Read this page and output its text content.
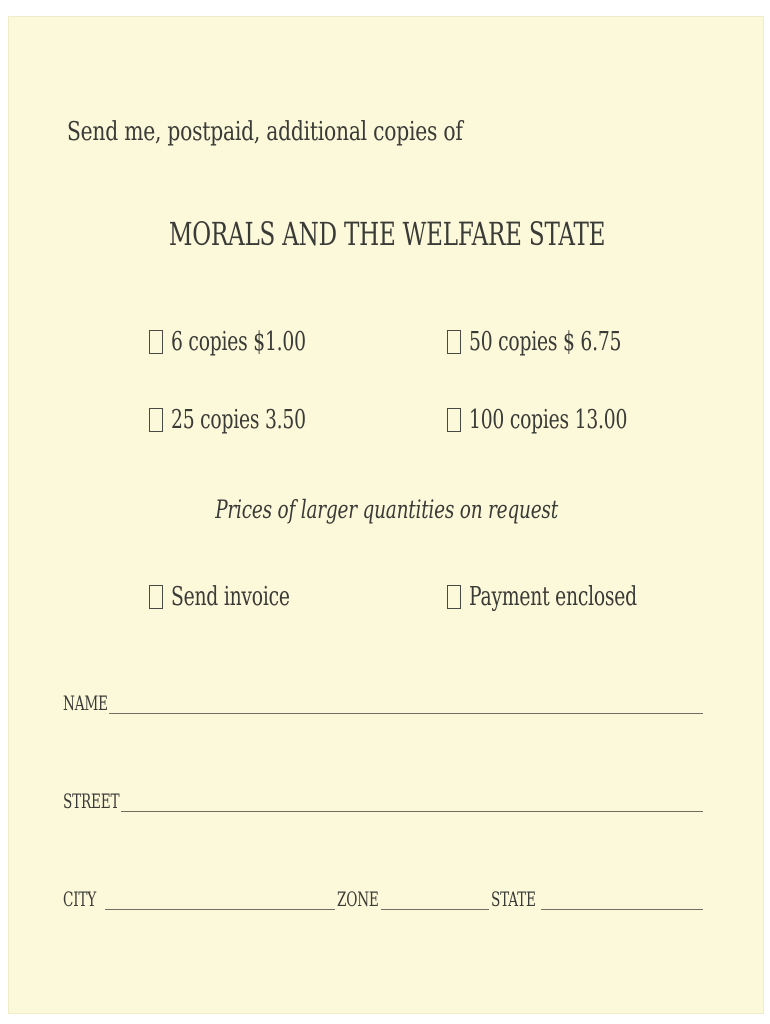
Send me, postpaid, additional copies of
MORALS AND THE WELFARE STATE
6 copies $1.00	50 copies $ 6.75
25 copies 3.50	100 copies 13.00
Prices of larger quantities on request
Send invoice	Payment enclosed
NAME
STREET
CITY	ZONE	STATE
